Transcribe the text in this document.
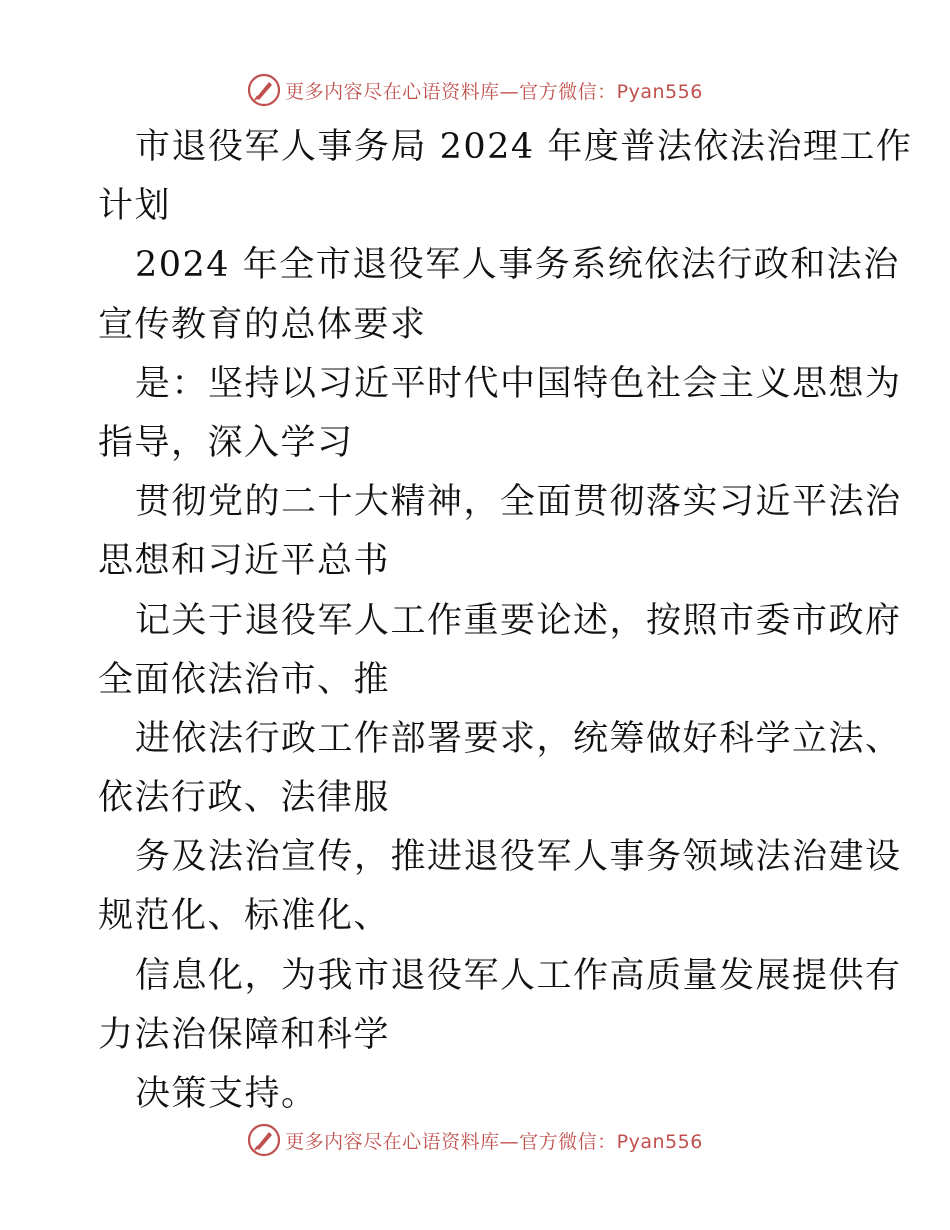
更多内容尽在心语资料库—官方微信：Pyan556
市退役军人事务局 2024 年度普法依法治理工作
计划
2024 年全市退役军人事务系统依法行政和法治
宣传教育的总体要求
是：坚持以习近平时代中国特色社会主义思想为
指导，深入学习
贯彻党的二十大精神，全面贯彻落实习近平法治
思想和习近平总书
记关于退役军人工作重要论述，按照市委市政府
全面依法治市、推
进依法行政工作部署要求，统筹做好科学立法、
依法行政、法律服
务及法治宣传，推进退役军人事务领域法治建设
规范化、标准化、
信息化，为我市退役军人工作高质量发展提供有
力法治保障和科学
决策支持。
更多内容尽在心语资料库—官方微信：Pyan556
